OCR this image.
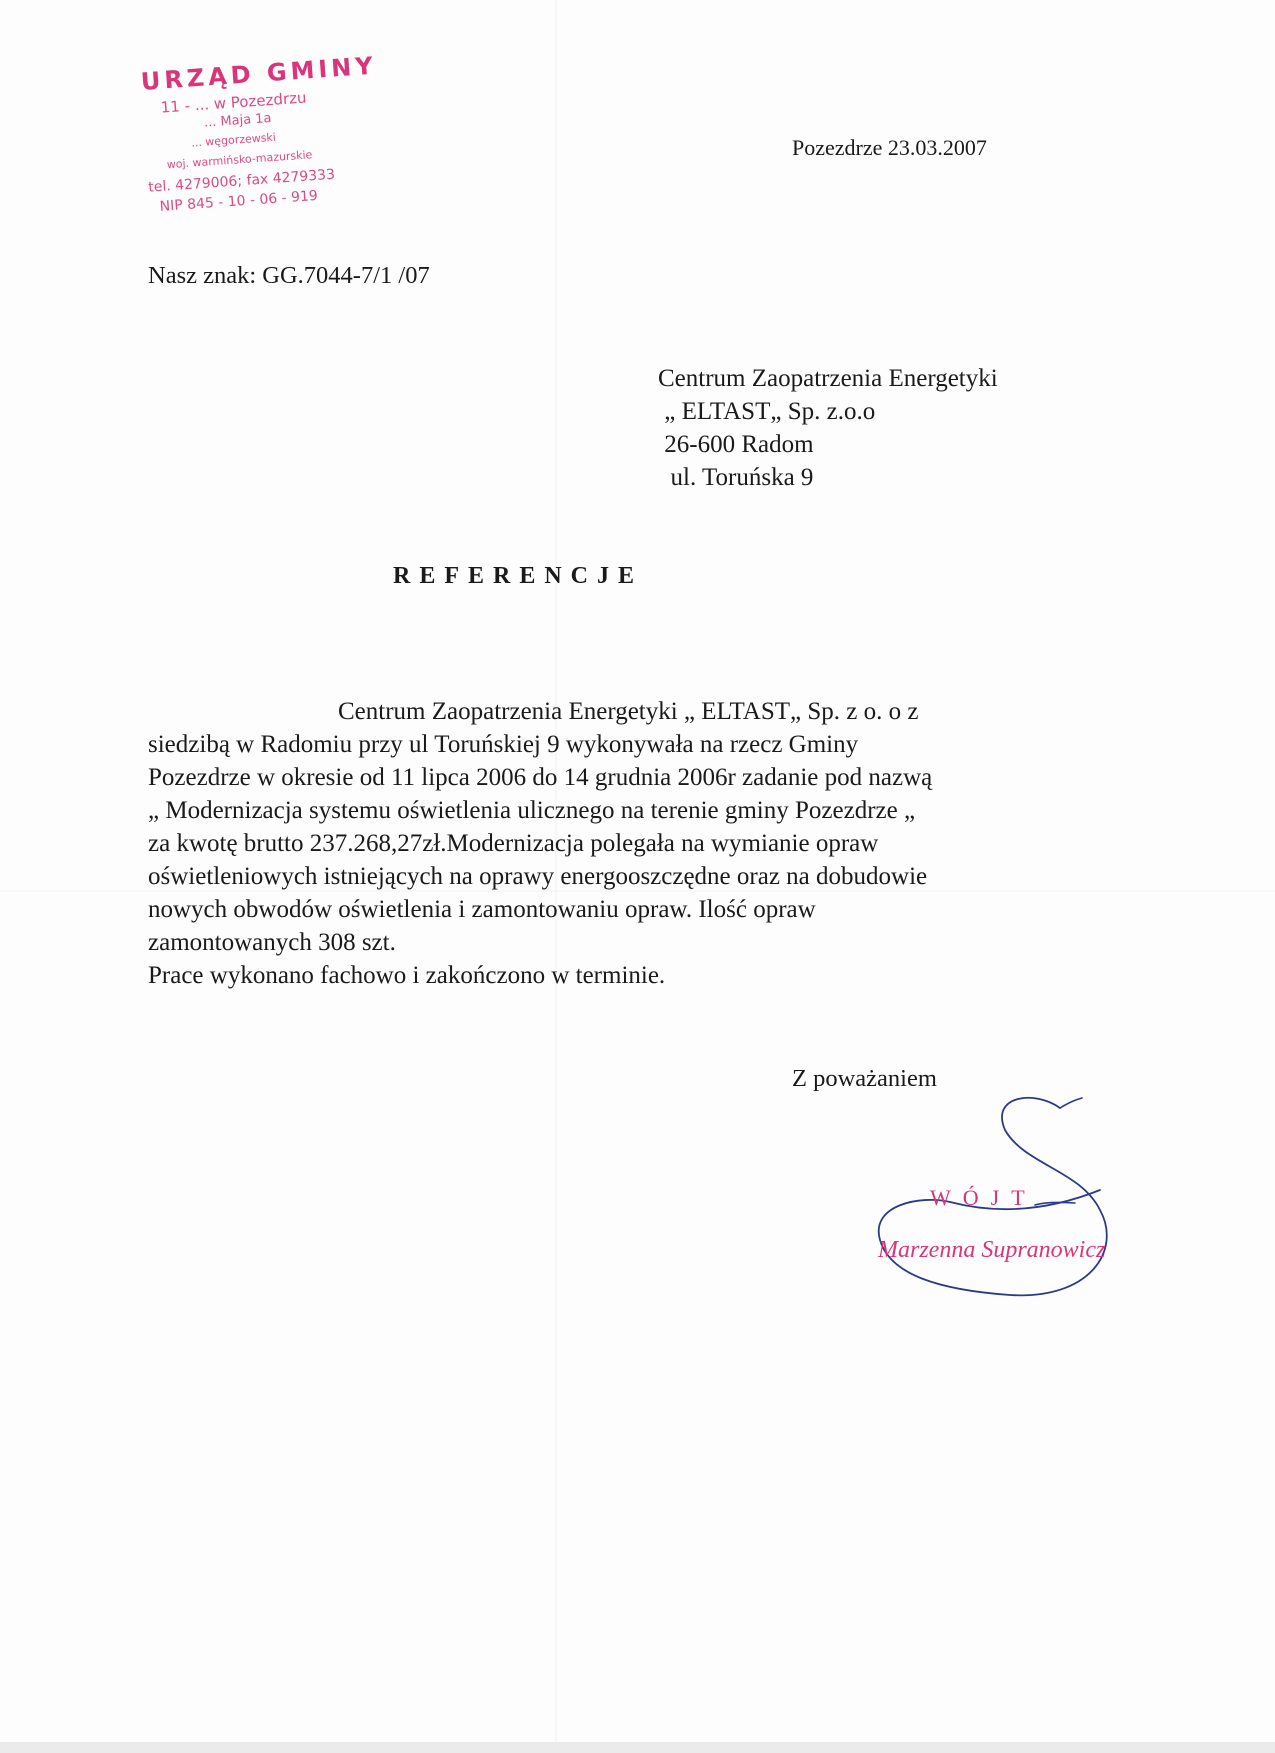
URZĄD GMINY
11 - ... w Pozezdrzu
... Maja 1a
... węgorzewski
woj. warmińsko-mazurskie
tel. 4279006; fax 4279333
NIP 845 - 10 - 06 - 919
Pozezdrze 23.03.2007
Nasz znak: GG.7044-7/1 /07
Centrum Zaopatrzenia Energetyki
„ ELTAST„ Sp. z.o.o
26-600 Radom
ul. Toruńska 9
REFERENCJE
Centrum Zaopatrzenia Energetyki „ ELTAST„ Sp. z o. o z
siedzibą w Radomiu przy ul Toruńskiej 9 wykonywała na rzecz Gminy
Pozezdrze w okresie od 11 lipca 2006 do 14 grudnia 2006r zadanie pod nazwą
„ Modernizacja systemu oświetlenia ulicznego na terenie gminy Pozezdrze „
za kwotę brutto 237.268,27zł.Modernizacja polegała na wymianie opraw
oświetleniowych istniejących na oprawy energooszczędne oraz na dobudowie
nowych obwodów oświetlenia i zamontowaniu opraw. Ilość opraw
zamontowanych 308 szt.
Prace wykonano fachowo i zakończono w terminie.
Z poważaniem
WÓJT
Marzenna Supranowicz
